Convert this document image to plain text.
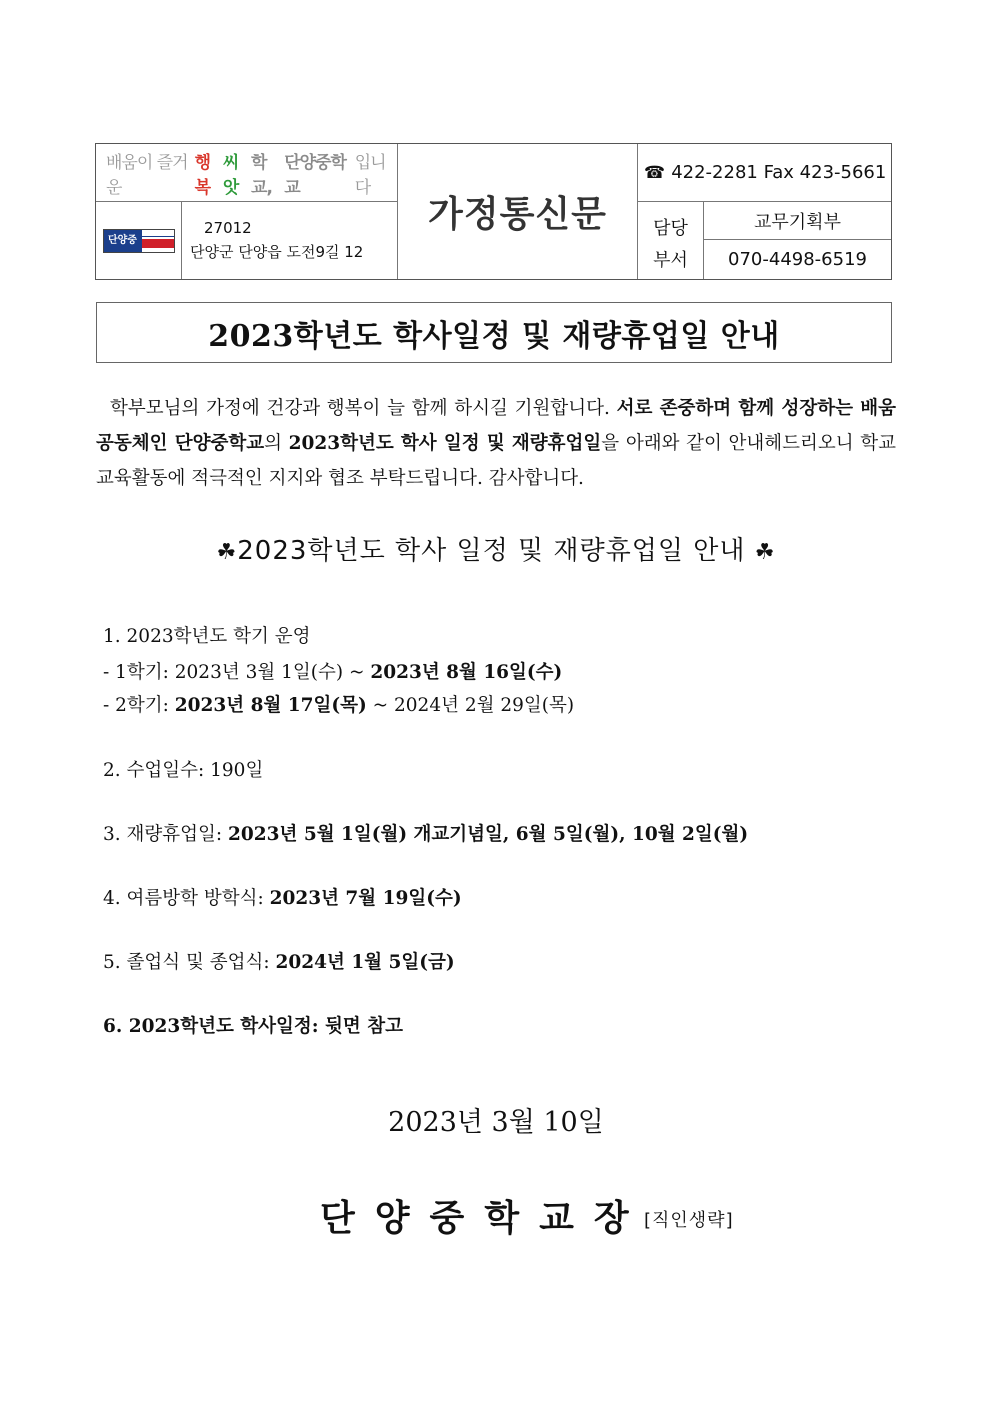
배움이 즐거운
행복
씨앗
학교,
단양중학교
입니다
단양중
27012
단양군 단양읍 도전9길 12
가정통신문
☎ 422-2281 Fax 423-5661
담당
부서
교무기획부
070-4498-6519
2023학년도 학사일정 및 재량휴업일 안내

학부모님의 가정에 건강과 행복이 늘 함께 하시길 기원합니다. 서로 존중하며 함께 성장하는 배움공동체인 단양중학교의 2023학년도 학사 일정 및 재량휴업일을 아래와 같이 안내헤드리오니 학교 교육활동에 적극적인 지지와 협조 부탁드립니다. 감사합니다.

☘2023학년도 학사 일정 및 재량휴업일 안내 ☘
1. 2023학년도 학기 운영
- 1학기: 2023년 3월 1일(수) ~ 2023년 8월 16일(수)
- 2학기: 2023년 8월 17일(목) ~ 2024년 2월 29일(목)
2. 수업일수: 190일
3. 재량휴업일: 2023년 5월 1일(월) 개교기념일, 6월 5일(월), 10월 2일(월)
4. 여름방학 방학식: 2023년 7월 19일(수)
5. 졸업식 및 종업식: 2024년 1월 5일(금)
6. 2023학년도 학사일정: 뒷면 참고
2023년 3월 10일
단양중학교장
[직인생략]
